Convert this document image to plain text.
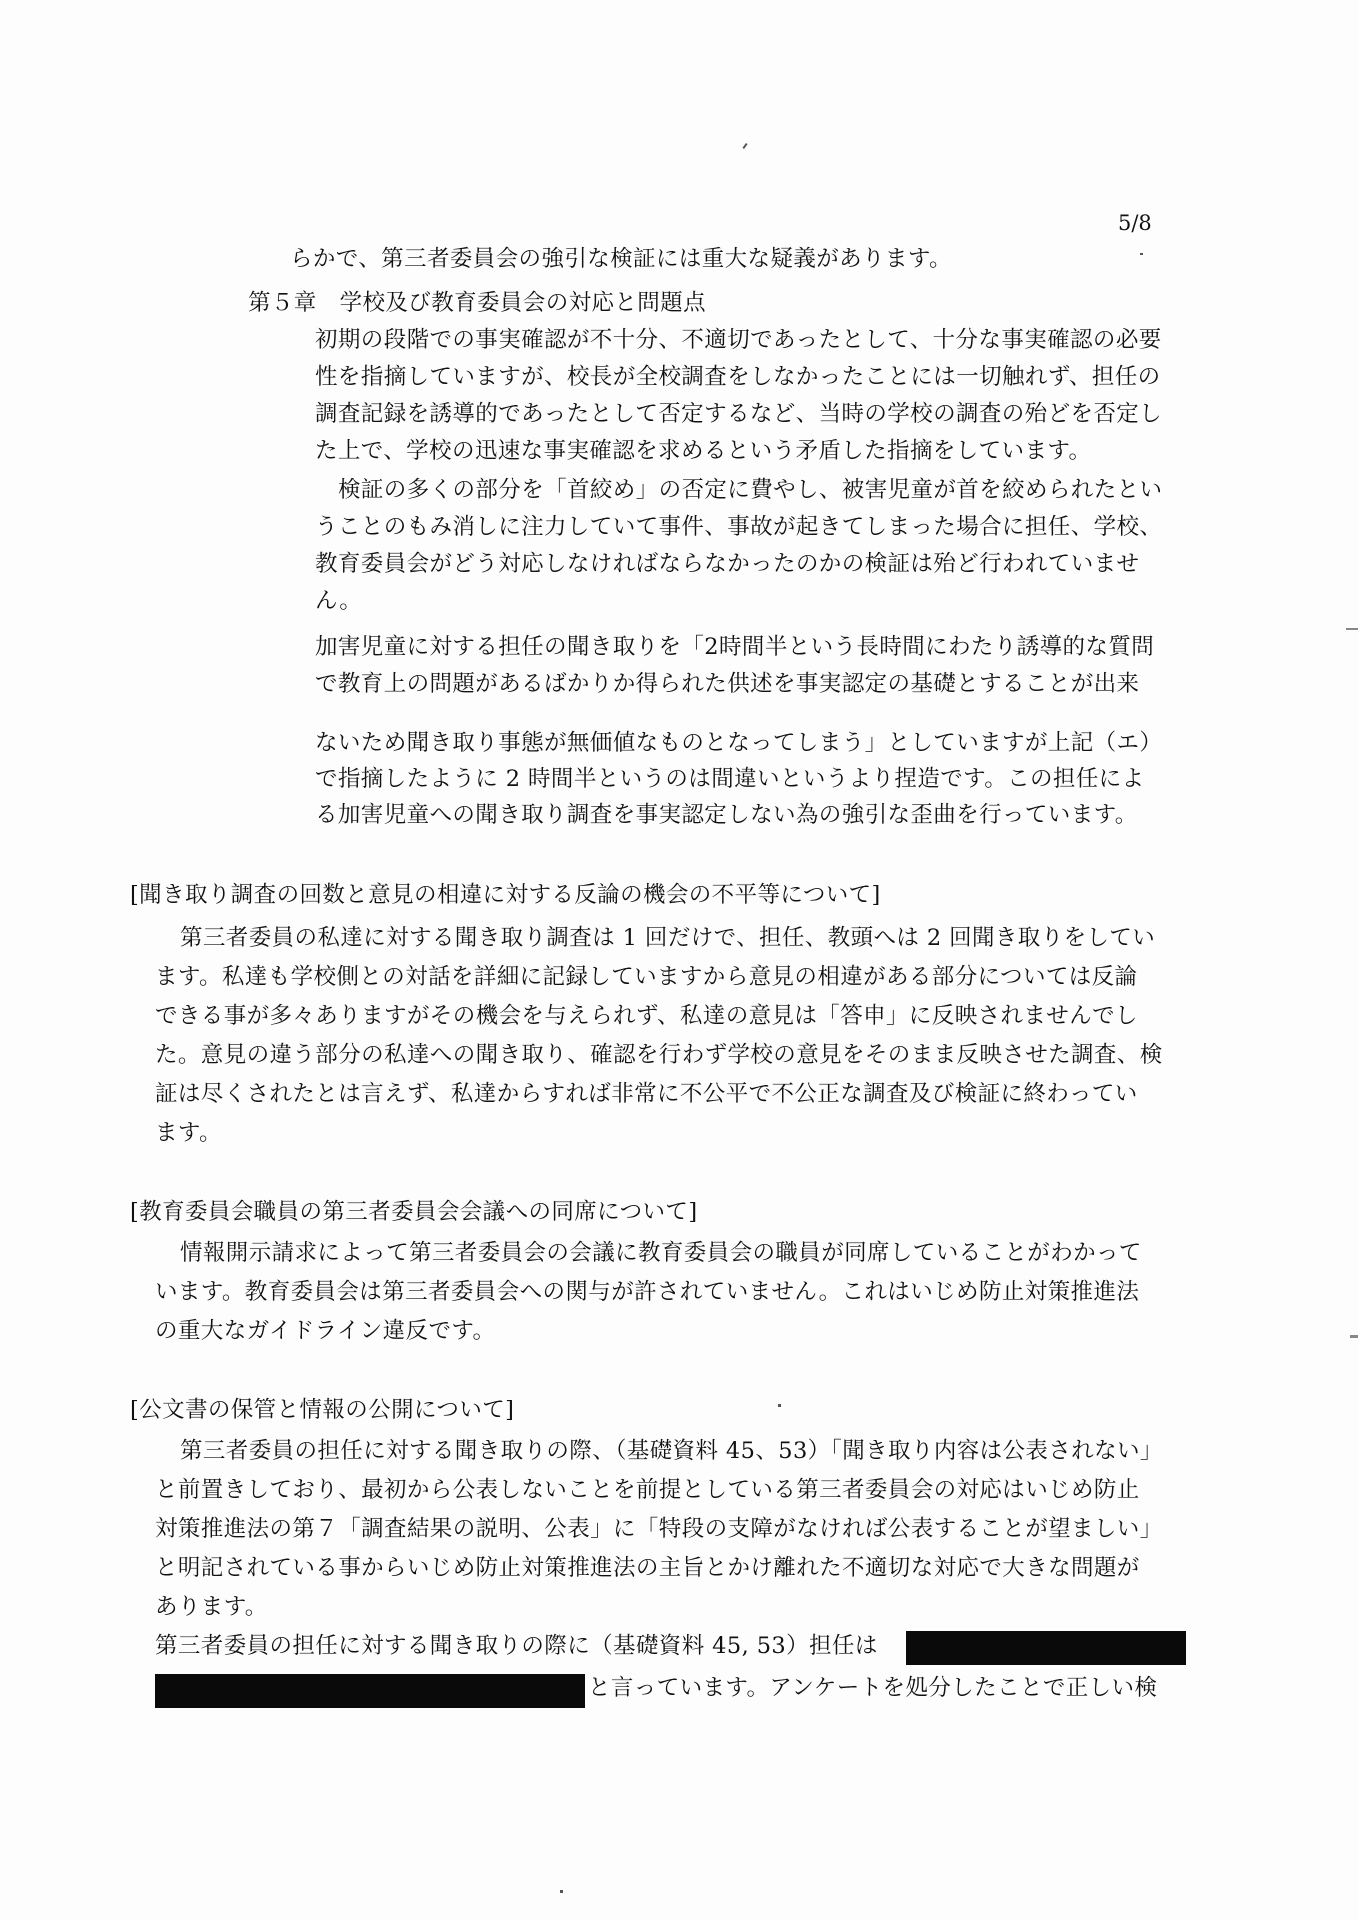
5/8
らかで、第三者委員会の強引な検証には重大な疑義があります。
第５章　学校及び教育委員会の対応と問題点
初期の段階での事実確認が不十分、不適切であったとして、十分な事実確認の必要
性を指摘していますが、校長が全校調査をしなかったことには一切触れず、担任の
調査記録を誘導的であったとして否定するなど、当時の学校の調査の殆どを否定し
た上で、学校の迅速な事実確認を求めるという矛盾した指摘をしています。
検証の多くの部分を「首絞め」の否定に費やし、被害児童が首を絞められたとい
うことのもみ消しに注力していて事件、事故が起きてしまった場合に担任、学校、
教育委員会がどう対応しなければならなかったのかの検証は殆ど行われていませ
ん。
加害児童に対する担任の聞き取りを「2時間半という長時間にわたり誘導的な質問
で教育上の問題があるばかりか得られた供述を事実認定の基礎とすることが出来
ないため聞き取り事態が無価値なものとなってしまう」としていますが上記（エ）
で指摘したように 2 時間半というのは間違いというより捏造です。この担任によ
る加害児童への聞き取り調査を事実認定しない為の強引な歪曲を行っています。
[聞き取り調査の回数と意見の相違に対する反論の機会の不平等について]
第三者委員の私達に対する聞き取り調査は 1 回だけで、担任、教頭へは 2 回聞き取りをしてい
ます。私達も学校側との対話を詳細に記録していますから意見の相違がある部分については反論
できる事が多々ありますがその機会を与えられず、私達の意見は「答申」に反映されませんでし
た。意見の違う部分の私達への聞き取り、確認を行わず学校の意見をそのまま反映させた調査、検
証は尽くされたとは言えず、私達からすれば非常に不公平で不公正な調査及び検証に終わってい
ます。
[教育委員会職員の第三者委員会会議への同席について]
情報開示請求によって第三者委員会の会議に教育委員会の職員が同席していることがわかって
います。教育委員会は第三者委員会への関与が許されていません。これはいじめ防止対策推進法
の重大なガイドライン違反です。
[公文書の保管と情報の公開について]
第三者委員の担任に対する聞き取りの際、（基礎資料 45、53）「聞き取り内容は公表されない」
と前置きしており、最初から公表しないことを前提としている第三者委員会の対応はいじめ防止
対策推進法の第７「調査結果の説明、公表」に「特段の支障がなければ公表することが望ましい」
と明記されている事からいじめ防止対策推進法の主旨とかけ離れた不適切な対応で大きな問題が
あります。
第三者委員の担任に対する聞き取りの際に（基礎資料 45, 53）担任は
と言っています。アンケートを処分したことで正しい検
